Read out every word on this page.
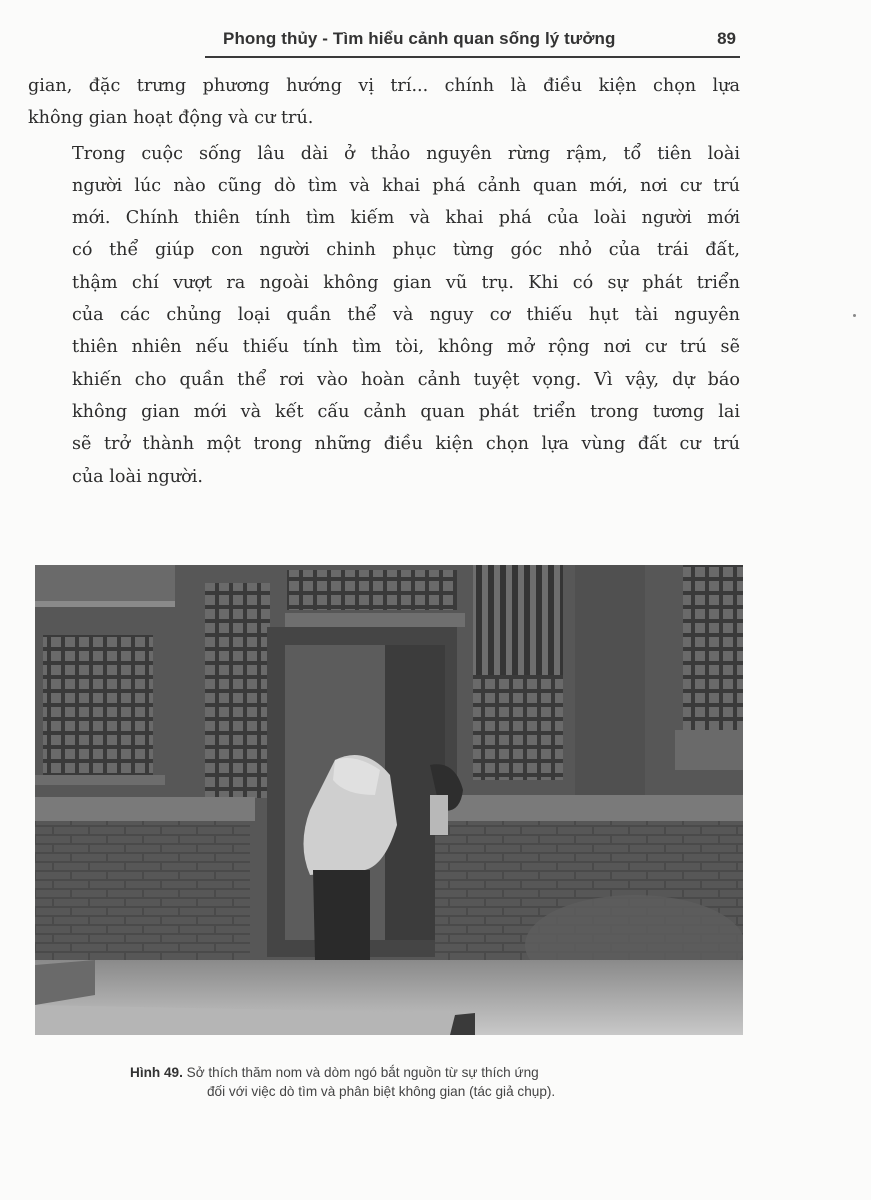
Phong thủy - Tìm hiểu cảnh quan sống lý tưởng	89

gian, đặc trưng phương hướng vị trí... chính là điều kiện chọn lựa
không gian hoạt động và cư trú.

Trong cuộc sống lâu dài ở thảo nguyên rừng rậm, tổ tiên loài
người lúc nào cũng dò tìm và khai phá cảnh quan mới, nơi cư trú
mới. Chính thiên tính tìm kiếm và khai phá của loài người mới
có thể giúp con người chinh phục từng góc nhỏ của trái đất,
thậm chí vượt ra ngoài không gian vũ trụ. Khi có sự phát triển
của các chủng loại quần thể và nguy cơ thiếu hụt tài nguyên
thiên nhiên nếu thiếu tính tìm tòi, không mở rộng nơi cư trú sẽ
khiến cho quần thể rơi vào hoàn cảnh tuyệt vọng. Vì vậy, dự báo
không gian mới và kết cấu cảnh quan phát triển trong tương lai
sẽ trở thành một trong những điều kiện chọn lựa vùng đất cư trú
của loài người.

Hình 49. Sở thích thăm nom và dòm ngó bắt nguồn từ sự thích ứng
đối với việc dò tìm và phân biệt không gian (tác giả chụp).
